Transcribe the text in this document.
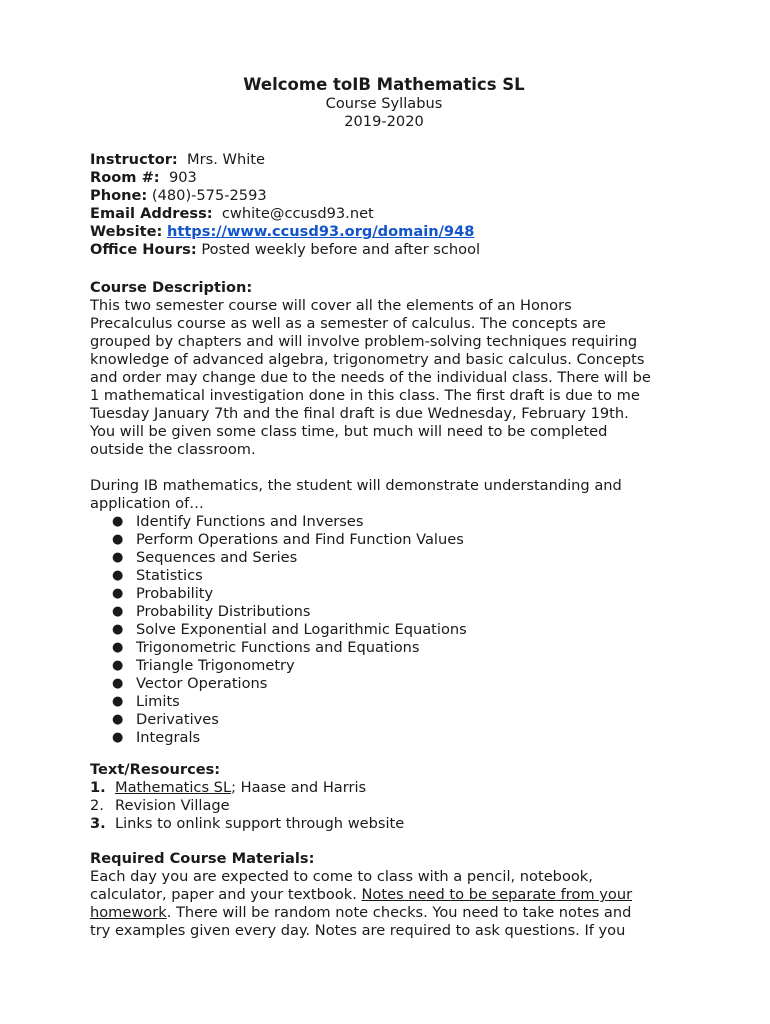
Welcome toIB Mathematics SL
Course Syllabus
2019-2020
Instructor: Mrs. White
Room #: 903
Phone: (480)-575-2593
Email Address: cwhite@ccusd93.net
Website: https://www.ccusd93.org/domain/948
Office Hours: Posted weekly before and after school
Course Description:
This two semester course will cover all the elements of an Honors
Precalculus course as well as a semester of calculus. The concepts are
grouped by chapters and will involve problem-solving techniques requiring
knowledge of advanced algebra, trigonometry and basic calculus. Concepts
and order may change due to the needs of the individual class. There will be
1 mathematical investigation done in this class. The first draft is due to me
Tuesday January 7th and the final draft is due Wednesday, February 19th.
You will be given some class time, but much will need to be completed
outside the classroom.
During IB mathematics, the student will demonstrate understanding and
application of…
● Identify Functions and Inverses
● Perform Operations and Find Function Values
● Sequences and Series
● Statistics
● Probability
● Probability Distributions
● Solve Exponential and Logarithmic Equations
● Trigonometric Functions and Equations
● Triangle Trigonometry
● Vector Operations
● Limits
● Derivatives
● Integrals
Text/Resources:
1. Mathematics SL; Haase and Harris
2. Revision Village
3. Links to onlink support through website
Required Course Materials:
Each day you are expected to come to class with a pencil, notebook,
calculator, paper and your textbook. Notes need to be separate from your
homework. There will be random note checks. You need to take notes and
try examples given every day. Notes are required to ask questions. If you
